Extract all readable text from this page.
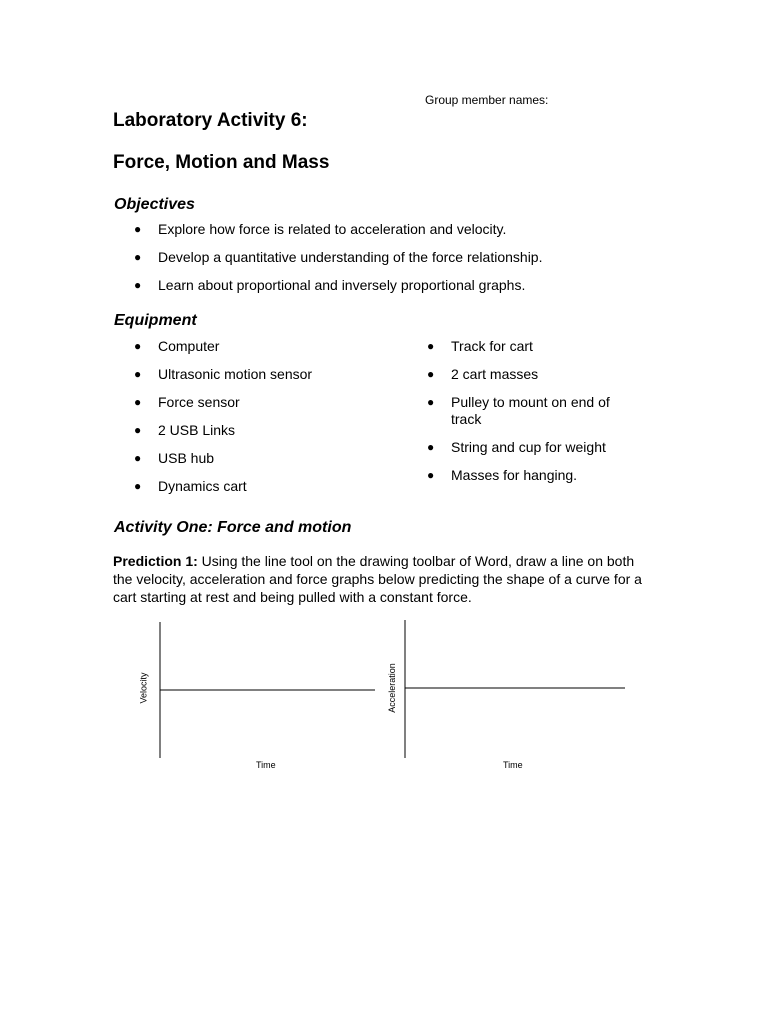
Group member names:
Laboratory Activity 6:
Force, Motion and Mass
Objectives
● Explore how force is related to acceleration and velocity.
● Develop a quantitative understanding of the force relationship.
● Learn about proportional and inversely proportional graphs.
Equipment
● Computer
● Ultrasonic motion sensor
● Force sensor
● 2 USB Links
● USB hub
● Dynamics cart
● Track for cart
● 2 cart masses
● Pulley to mount on end of track
● String and cup for weight
● Masses for hanging.
Activity One: Force and motion

Prediction 1: Using the line tool on the drawing toolbar of Word, draw a line on both the velocity, acceleration and force graphs below predicting the shape of a curve for a cart starting at rest and being pulled with a constant force.

Velocity
Time
Acceleration
Time
